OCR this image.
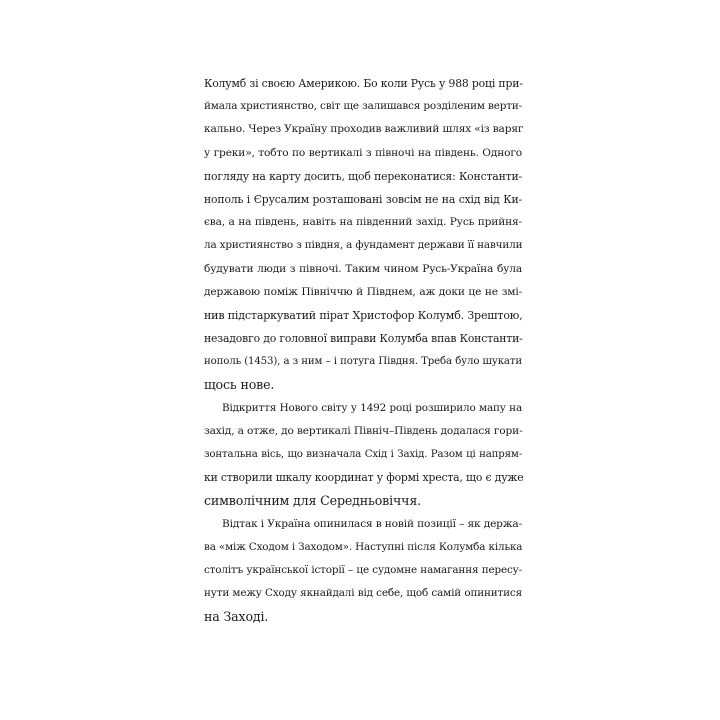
Колумб зі своєю Америкою. Бо коли Русь у 988 році при-
ймала християнство, світ ще залишався розділеним верти-
кально. Через Україну проходив важливий шлях «із варяг
у греки», тобто по вертикалі з півночі на південь. Одного
погляду на карту досить, щоб переконатися: Константи-
нополь і Єрусалим розташовані зовсім не на схід від Ки-
єва, а на південь, навіть на південний захід. Русь прийня-
ла християнство з півдня, а фундамент держави її навчили
будувати люди з півночі. Таким чином Русь-Україна була
державою поміж Північчю й Півднем, аж доки це не змі-
нив підстаркуватий пірат Христофор Колумб. Зрештою,
незадовго до головної виправи Колумба впав Константи-
нополь (1453), а з ним – і потуга Півдня. Треба було шукати
щось нове.
Відкриття Нового світу у 1492 році розширило мапу на
захід, а отже, до вертикалі Північ–Південь додалася гори-
зонтальна вісь, що визначала Схід і Захід. Разом ці напрям-
ки створили шкалу координат у формі хреста, що є дуже
символічним для Середньовіччя.
Відтак і Україна опинилася в новій позиції – як держа-
ва «між Сходом і Заходом». Наступні після Колумба кілька
столітъ української історії – це судомне намагання пересу-
нути межу Сходу якнайдалі від себе, щоб самій опинитися
на Заході.
